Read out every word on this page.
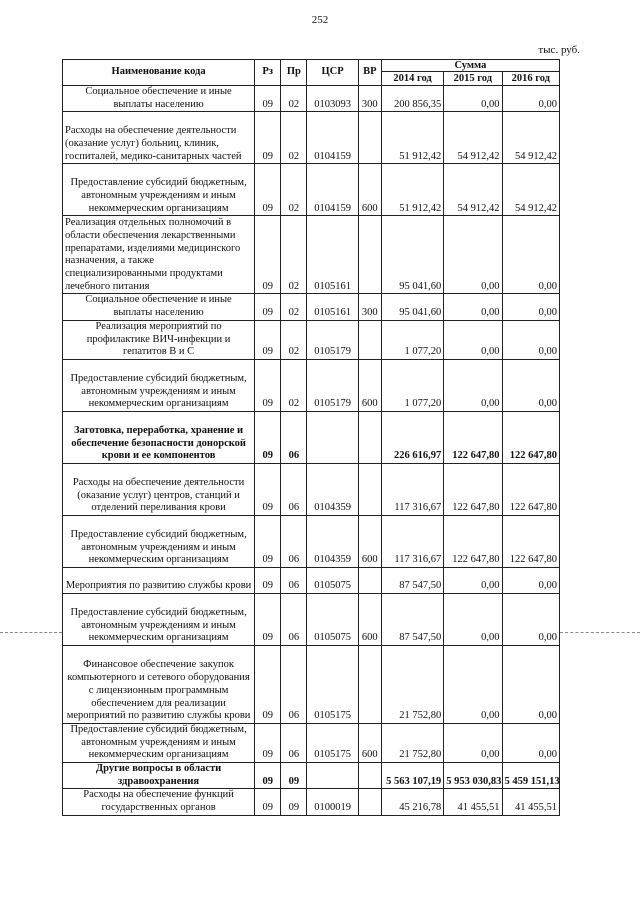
252
тыс. руб.
Наименование кода	Рз	Пр	ЦСР	ВР	Сумма		
					2014 год	2015 год	2016 год
Социальное обеспечение и иные выплаты населению	09	02	0103093	300	200 856,35	0,00	0,00
Расходы на обеспечение деятельности (оказание услуг) больниц, клиник, госпиталей, медико-санитарных частей	09	02	0104159		51 912,42	54 912,42	54 912,42
Предоставление субсидий бюджетным, автономным учреждениям и иным некоммерческим организациям	09	02	0104159	600	51 912,42	54 912,42	54 912,42
Реализация отдельных полномочий в области обеспечения лекарственными препаратами, изделиями медицинского назначения, а также специализированными продуктами лечебного питания	09	02	0105161		95 041,60	0,00	0,00
Социальное обеспечение и иные выплаты населению	09	02	0105161	300	95 041,60	0,00	0,00
Реализация мероприятий по профилактике ВИЧ-инфекции и гепатитов B и C	09	02	0105179		1 077,20	0,00	0,00
Предоставление субсидий бюджетным, автономным учреждениям и иным некоммерческим организациям	09	02	0105179	600	1 077,20	0,00	0,00
Заготовка, переработка, хранение и обеспечение безопасности донорской крови и ее компонентов	09	06			226 616,97	122 647,80	122 647,80
Расходы на обеспечение деятельности (оказание услуг) центров, станций и отделений переливания крови	09	06	0104359		117 316,67	122 647,80	122 647,80
Предоставление субсидий бюджетным, автономным учреждениям и иным некоммерческим организациям	09	06	0104359	600	117 316,67	122 647,80	122 647,80
Мероприятия по развитию службы крови	09	06	0105075		87 547,50	0,00	0,00
Предоставление субсидий бюджетным, автономным учреждениям и иным некоммерческим организациям	09	06	0105075	600	87 547,50	0,00	0,00
Финансовое обеспечение закупок компьютерного и сетевого оборудования с лицензионным программным обеспечением для реализации мероприятий по развитию службы крови	09	06	0105175		21 752,80	0,00	0,00
Предоставление субсидий бюджетным, автономным учреждениям и иным некоммерческим организациям	09	06	0105175	600	21 752,80	0,00	0,00
Другие вопросы в области здравоохранения	09	09			5 563 107,19	5 953 030,83	5 459 151,13
Расходы на обеспечение функций государственных органов	09	09	0100019		45 216,78	41 455,51	41 455,51
